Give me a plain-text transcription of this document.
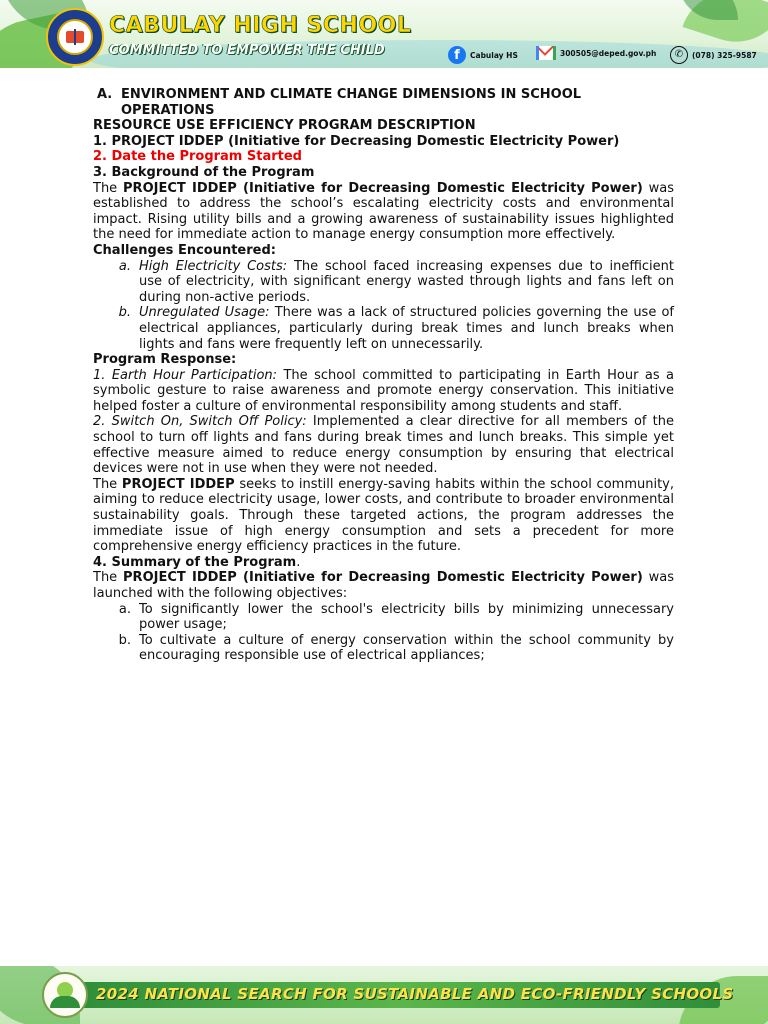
CABULAY HIGH SCHOOL

COMMITTED TO EMPOWER THE CHILD	f	Cabulay HS	300505@deped.gov.ph	✆	(078) 325-9587
A. ENVIRONMENT AND CLIMATE CHANGE DIMENSIONS IN SCHOOL OPERATIONS

RESOURCE USE EFFICIENCY PROGRAM DESCRIPTION

1. PROJECT IDDEP (Initiative for Decreasing Domestic Electricity Power)

2. Date the Program Started

3. Background of the Program

The PROJECT IDDEP (Initiative for Decreasing Domestic Electricity Power) was established to address the school’s escalating electricity costs and environmental impact. Rising utility bills and a growing awareness of sustainability issues highlighted the need for immediate action to manage energy consumption more effectively.

Challenges Encountered:

a. High Electricity Costs: The school faced increasing expenses due to inefficient use of electricity, with significant energy wasted through lights and fans left on during non-active periods.
b. Unregulated Usage: There was a lack of structured policies governing the use of electrical appliances, particularly during break times and lunch breaks when lights and fans were frequently left on unnecessarily.

Program Response:

1. Earth Hour Participation: The school committed to participating in Earth Hour as a symbolic gesture to raise awareness and promote energy conservation. This initiative helped foster a culture of environmental responsibility among students and staff.

2. Switch On, Switch Off Policy: Implemented a clear directive for all members of the school to turn off lights and fans during break times and lunch breaks. This simple yet effective measure aimed to reduce energy consumption by ensuring that electrical devices were not in use when they were not needed.

The PROJECT IDDEP seeks to instill energy-saving habits within the school community, aiming to reduce electricity usage, lower costs, and contribute to broader environmental sustainability goals. Through these targeted actions, the program addresses the immediate issue of high energy consumption and sets a precedent for more comprehensive energy efficiency practices in the future.

4. Summary of the Program.

The PROJECT IDDEP (Initiative for Decreasing Domestic Electricity Power) was launched with the following objectives:

a. To significantly lower the school's electricity bills by minimizing unnecessary power usage;
b. To cultivate a culture of energy conservation within the school community by encouraging responsible use of electrical appliances;

2024 NATIONAL SEARCH FOR SUSTAINABLE AND ECO-FRIENDLY SCHOOLS
